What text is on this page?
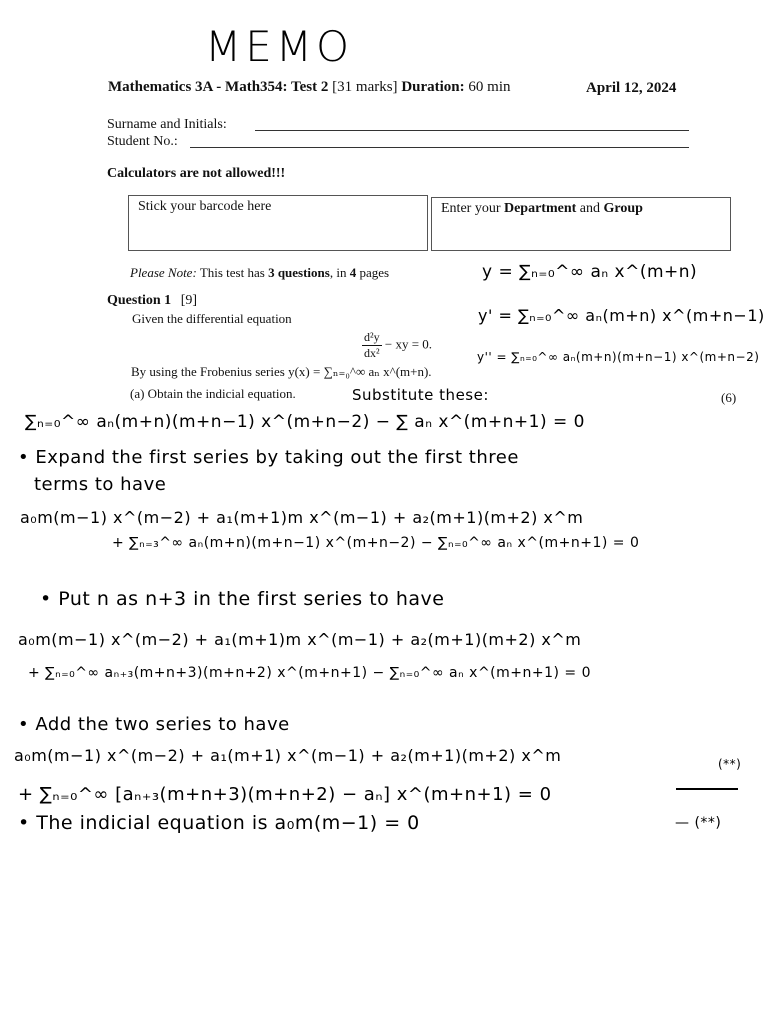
MEMO
Mathematics 3A - Math354: Test 2 [31 marks] Duration: 60 min	April 12, 2024
Surname and Initials:
Student No.:
Calculators are not allowed!!!
Stick your barcode here	Enter your Department and Group
Please Note: This test has 3 questions, in 4 pages
Question 1 [9]
Given the differential equation
$\frac{\text{d²y}}{\text{dx²}}$ − xy = 0.
By using the Frobenius series y(x) = ∑ₙ₌₀^∞ aₙ x^(m+n).
(a) Obtain the indicial equation.	(6)
y = ∑ₙ₌₀^∞ aₙ x^(m+n)
y' = ∑ₙ₌₀^∞ aₙ(m+n) x^(m+n−1)
y'' = ∑ₙ₌₀^∞ aₙ(m+n)(m+n−1) x^(m+n−2)
Substitute these:
∑ₙ₌₀^∞ aₙ(m+n)(m+n−1) x^(m+n−2) − ∑ aₙ x^(m+n+1) = 0
• Expand the first series by taking out the first three
terms to have
a₀m(m−1) x^(m−2) + a₁(m+1)m x^(m−1) + a₂(m+1)(m+2) x^m
+ ∑ₙ₌₃^∞ aₙ(m+n)(m+n−1) x^(m+n−2) − ∑ₙ₌₀^∞ aₙ x^(m+n+1) = 0
• Put n as n+3 in the first series to have
a₀m(m−1) x^(m−2) + a₁(m+1)m x^(m−1) + a₂(m+1)(m+2) x^m
+ ∑ₙ₌₀^∞ aₙ₊₃(m+n+3)(m+n+2) x^(m+n+1) − ∑ₙ₌₀^∞ aₙ x^(m+n+1) = 0
• Add the two series to have
a₀m(m−1) x^(m−2) + a₁(m+1) x^(m−1) + a₂(m+1)(m+2) x^m
+ ∑ₙ₌₀^∞ [aₙ₊₃(m+n+3)(m+n+2) − aₙ] x^(m+n+1) = 0
(**)
• The indicial equation is a₀m(m−1) = 0	— (**)
